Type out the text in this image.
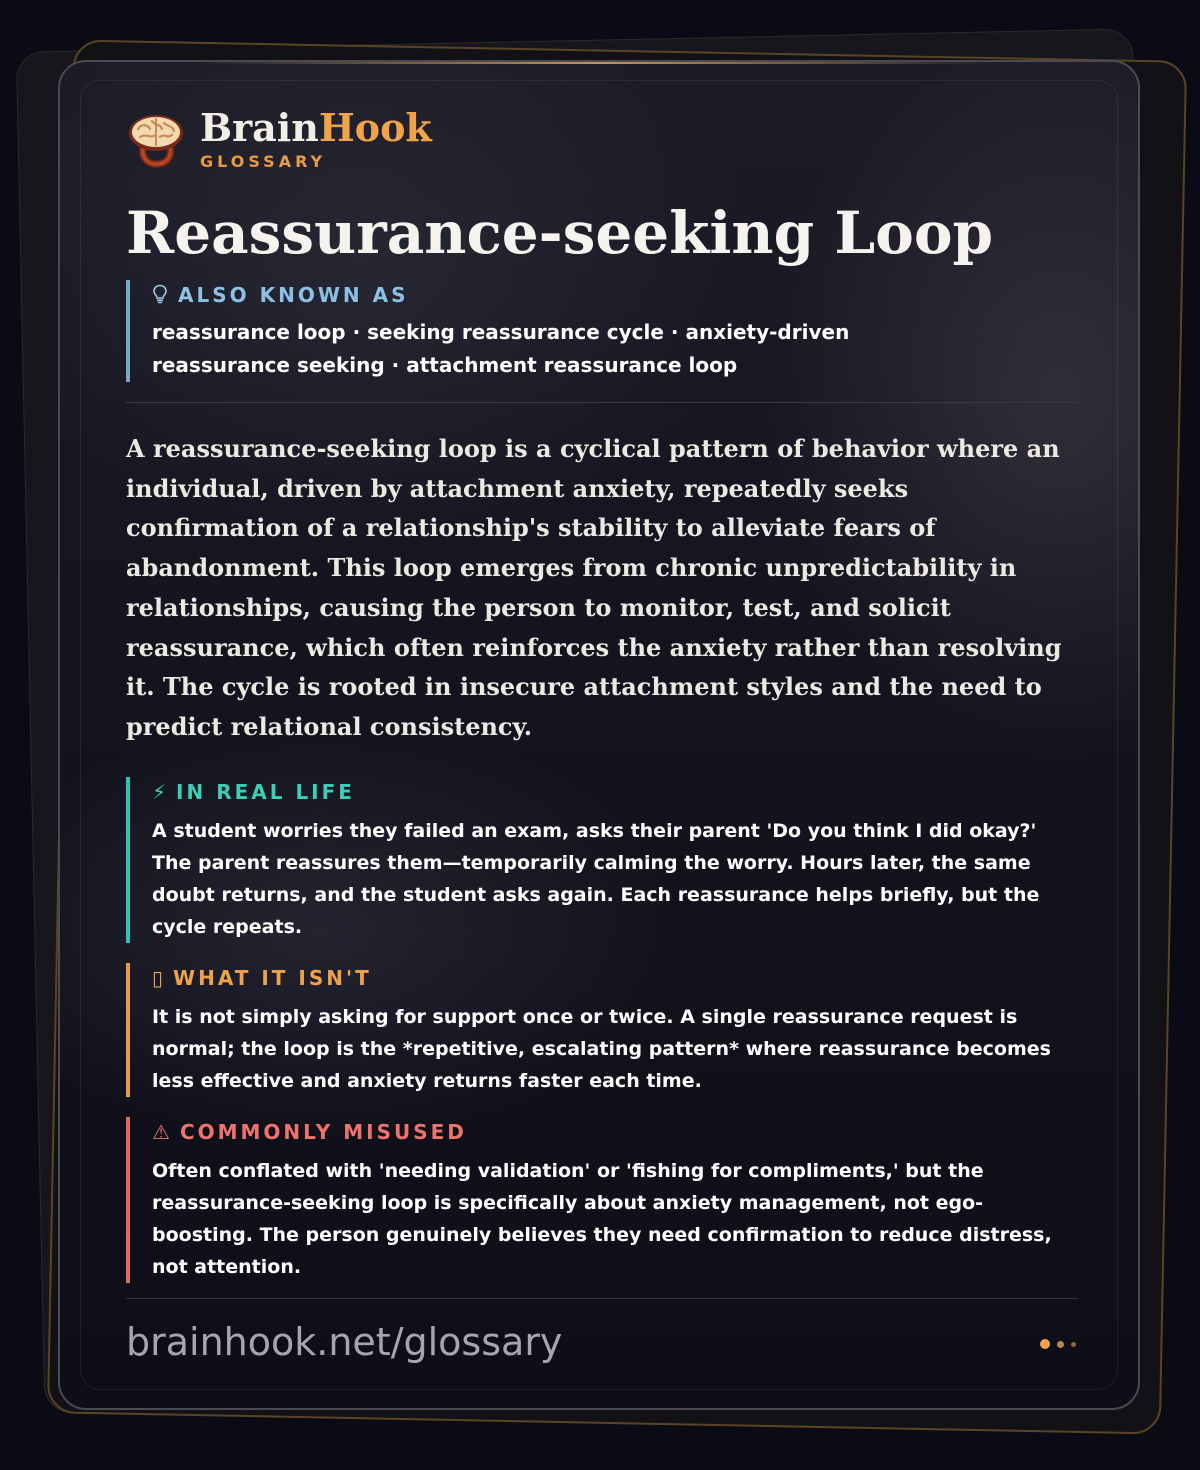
BrainHook
GLOSSARY
Reassurance-seeking Loop
ALSO KNOWN AS
reassurance loop · seeking reassurance cycle · anxiety-driven reassurance seeking · attachment reassurance loop

A reassurance-seeking loop is a cyclical pattern of behavior where an individual, driven by attachment anxiety, repeatedly seeks confirmation of a relationship's stability to alleviate fears of abandonment. This loop emerges from chronic unpredictability in relationships, causing the person to monitor, test, and solicit reassurance, which often reinforces the anxiety rather than resolving it. The cycle is rooted in insecure attachment styles and the need to predict relational consistency.

⚡ IN REAL LIFE
A student worries they failed an exam, asks their parent 'Do you think I did okay?' The parent reassures them—temporarily calming the worry. Hours later, the same doubt returns, and the student asks again. Each reassurance helps briefly, but the cycle repeats.
▯ WHAT IT ISN'T
It is not simply asking for support once or twice. A single reassurance request is normal; the loop is the *repetitive, escalating pattern* where reassurance becomes less effective and anxiety returns faster each time.
⚠ COMMONLY MISUSED
Often conflated with 'needing validation' or 'fishing for compliments,' but the reassurance-seeking loop is specifically about anxiety management, not ego-boosting. The person genuinely believes they need confirmation to reduce distress, not attention.
brainhook.net/glossary
